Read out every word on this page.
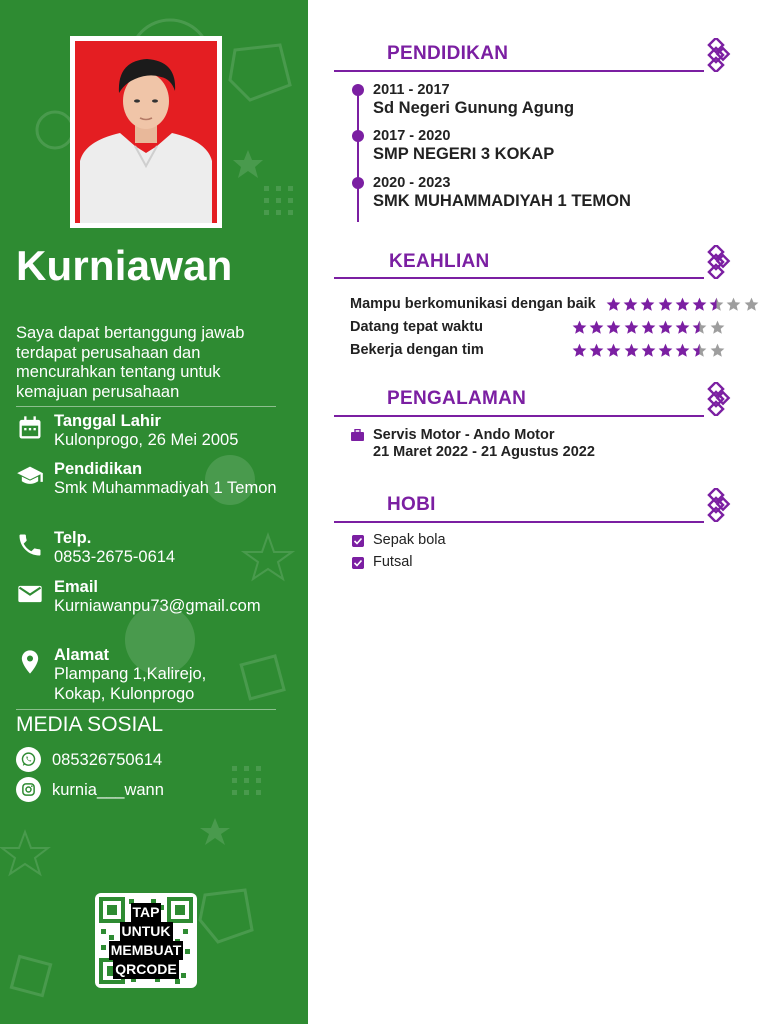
Kurniawan
Saya dapat bertanggung jawab terdapat perusahaan dan mencurahkan tentang untuk kemajuan perusahaan
Tanggal Lahir
Kulonprogo, 26 Mei 2005
Pendidikan
Smk Muhammadiyah 1 Temon
Telp.
0853-2675-0614
Email
Kurniawanpu73@gmail.com
Alamat
Plampang 1,Kalirejo, Kokap, Kulonprogo
MEDIA SOSIAL
085326750614
kurnia___wann
TAP
UNTUK
MEMBUAT
QRCODE
PENDIDIKAN
2011 - 2017
Sd Negeri Gunung Agung
2017 - 2020
SMP NEGERI 3 KOKAP
2020 - 2023
SMK MUHAMMADIYAH 1 TEMON
KEAHLIAN
Mampu berkomunikasi dengan baik
Datang tepat waktu
Bekerja dengan tim
PENGALAMAN
Servis Motor - Ando Motor
21 Maret 2022 - 21 Agustus 2022
HOBI
Sepak bola
Futsal
